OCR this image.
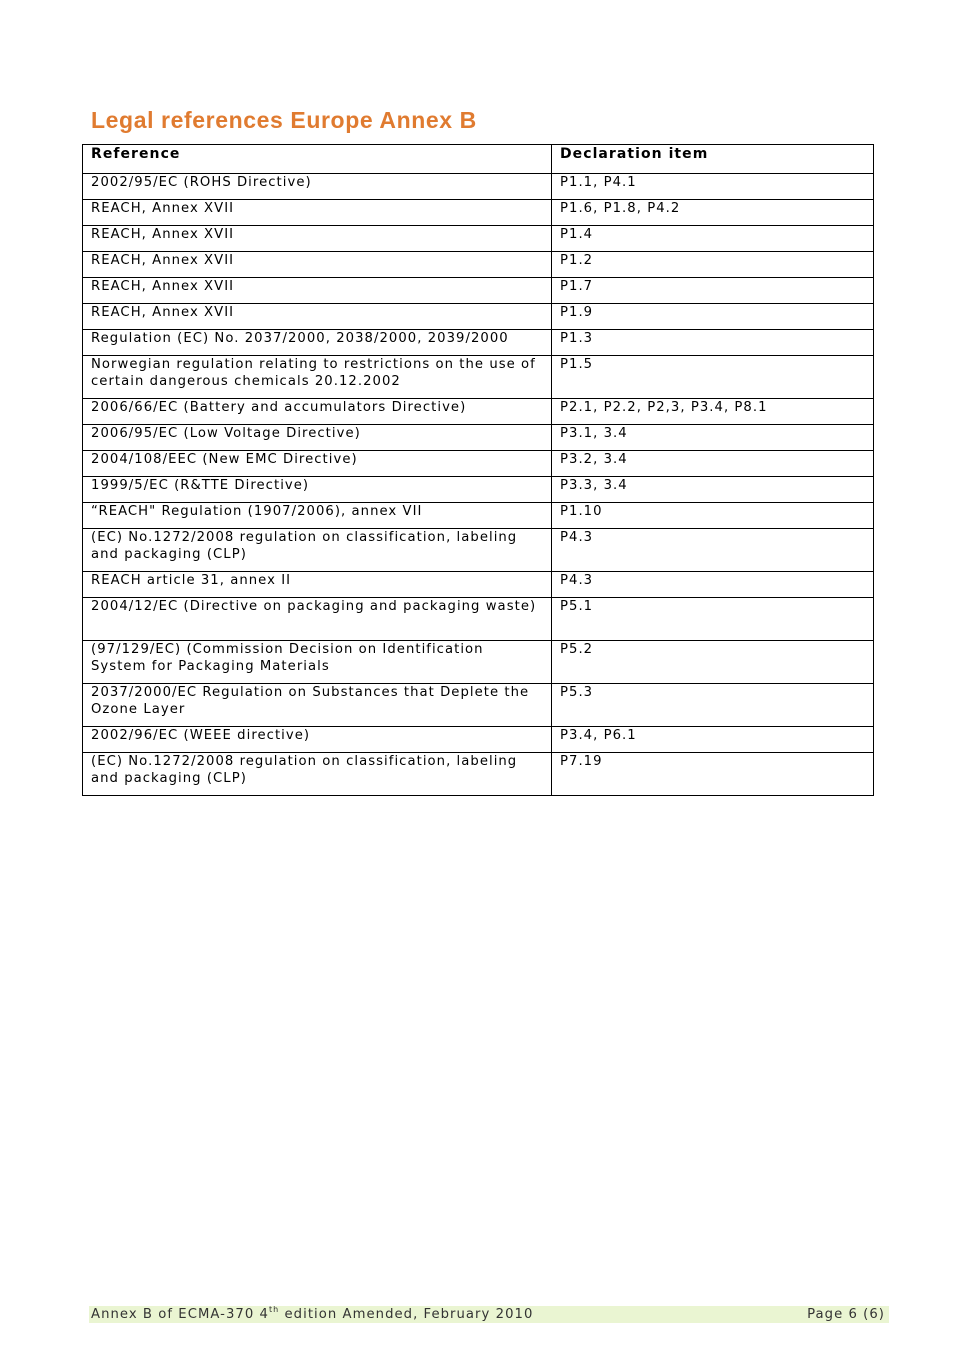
Legal references Europe Annex B
Reference	Declaration item
2002/95/EC (ROHS Directive)	P1.1, P4.1
REACH, Annex XVII	P1.6, P1.8, P4.2
REACH, Annex XVII	P1.4
REACH, Annex XVII	P1.2
REACH, Annex XVII	P1.7
REACH, Annex XVII	P1.9
Regulation (EC) No. 2037/2000, 2038/2000, 2039/2000	P1.3
Norwegian regulation relating to restrictions on the use of certain dangerous chemicals 20.12.2002	P1.5
2006/66/EC (Battery and accumulators Directive)	P2.1, P2.2, P2,3, P3.4, P8.1
2006/95/EC (Low Voltage Directive)	P3.1, 3.4
2004/108/EEC (New EMC Directive)	P3.2, 3.4
1999/5/EC (R&TTE Directive)	P3.3, 3.4
“REACH" Regulation (1907/2006), annex VII	P1.10
(EC) No.1272/2008 regulation on classification, labeling and packaging (CLP)	P4.3
REACH article 31, annex II	P4.3
2004/12/EC (Directive on packaging and packaging waste)	P5.1
(97/129/EC) (Commission Decision on Identification System for Packaging Materials	P5.2
2037/2000/EC Regulation on Substances that Deplete the Ozone Layer	P5.3
2002/96/EC (WEEE directive)	P3.4, P6.1
(EC) No.1272/2008 regulation on classification, labeling and packaging (CLP)	P7.19
Annex B of ECMA-370 4th edition Amended, February 2010	Page 6 (6)
